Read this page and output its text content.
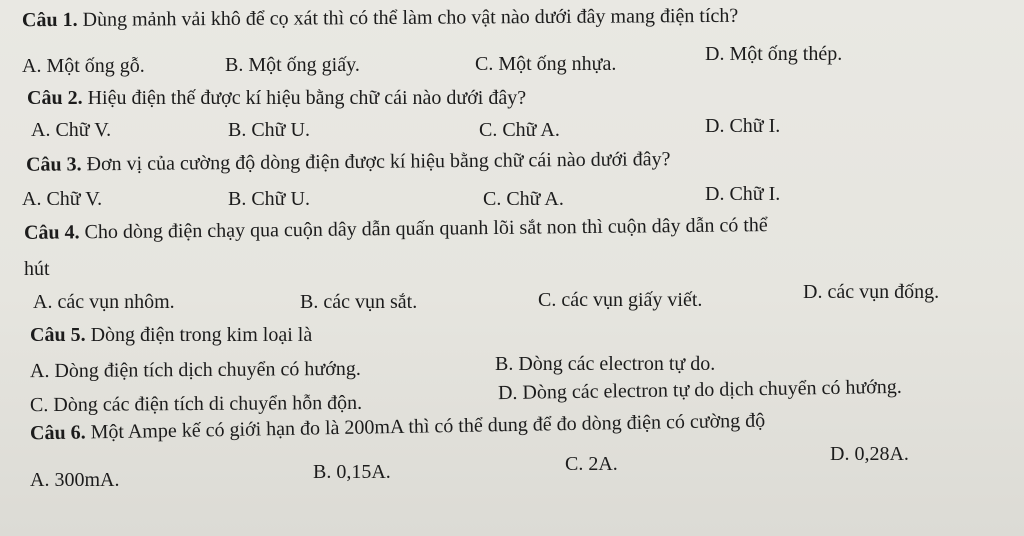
Câu 1. Dùng mảnh vải khô để cọ xát thì có thể làm cho vật nào dưới đây mang điện tích?
A. Một ống gỗ.	B. Một ống giấy.	C. Một ống nhựa.	D. Một ống thép.
Câu 2. Hiệu điện thế được kí hiệu bằng chữ cái nào dưới đây?
A. Chữ V.	B. Chữ U.	C. Chữ A.	D. Chữ I.
Câu 3. Đơn vị của cường độ dòng điện được kí hiệu bằng chữ cái nào dưới đây?
A. Chữ V.	B. Chữ U.	C. Chữ A.	D. Chữ I.
Câu 4. Cho dòng điện chạy qua cuộn dây dẫn quấn quanh lõi sắt non thì cuộn dây dẫn có thể
hút
A. các vụn nhôm.	B. các vụn sắt.	C. các vụn giấy viết.	D. các vụn đống.
Câu 5. Dòng điện trong kim loại là
A. Dòng điện tích dịch chuyển có hướng.	B. Dòng các electron tự do.
C. Dòng các điện tích di chuyển hỗn độn.	D. Dòng các electron tự do dịch chuyển có hướng.
Câu 6. Một Ampe kế có giới hạn đo là 200mA thì có thể dung để đo dòng điện có cường độ
A. 300mA.	B. 0,15A.	C. 2A.	D. 0,28A.
